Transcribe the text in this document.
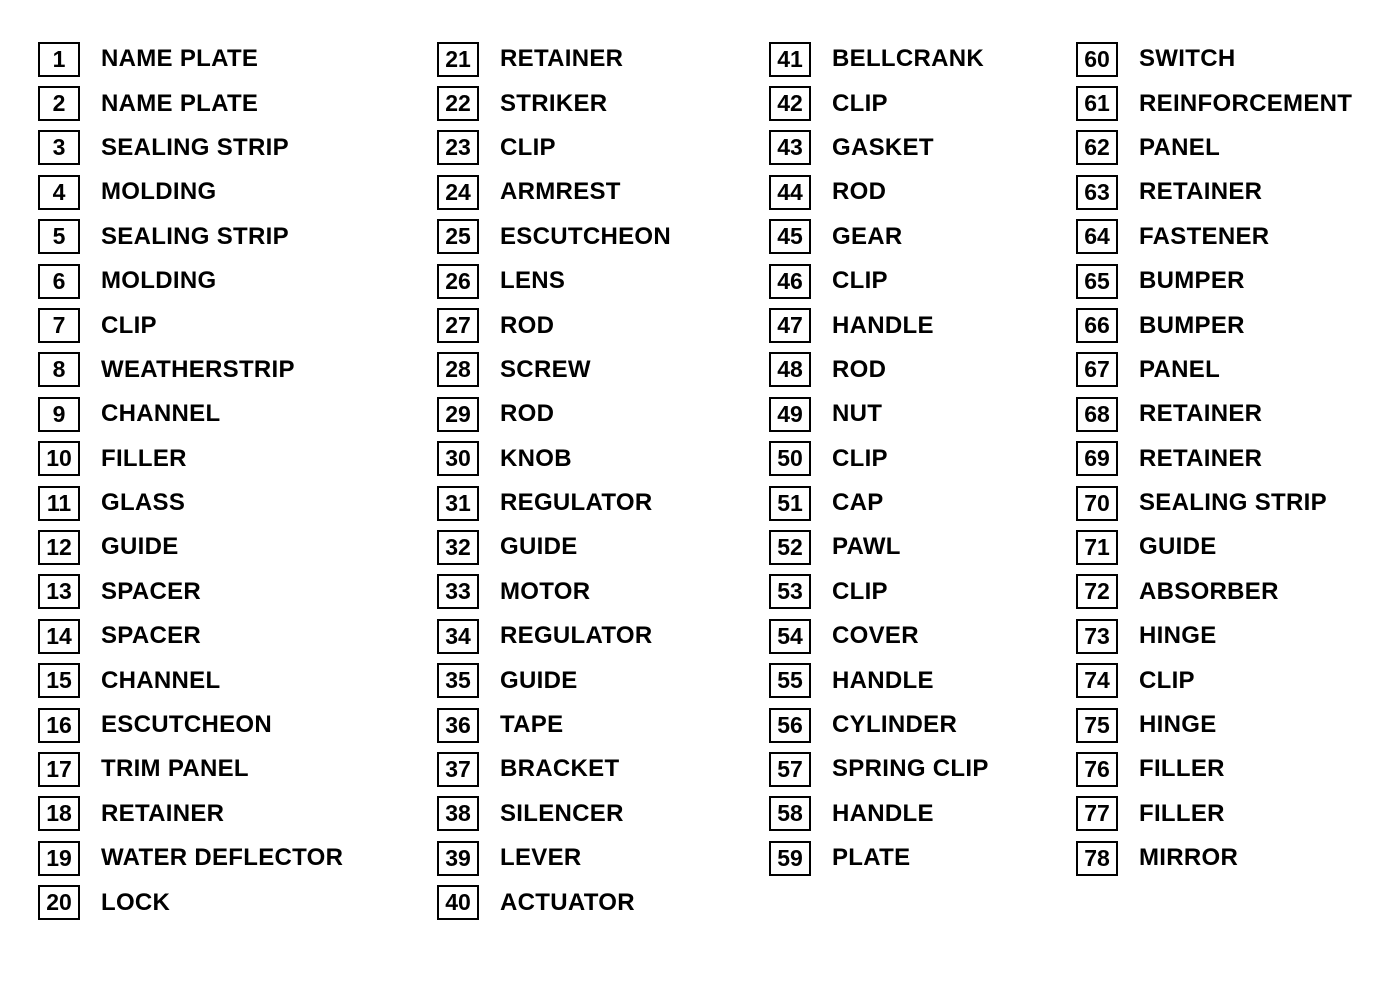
1	NAME PLATE
2	NAME PLATE
3	SEALING STRIP
4	MOLDING
5	SEALING STRIP
6	MOLDING
7	CLIP
8	WEATHERSTRIP
9	CHANNEL
10	FILLER
11	GLASS
12	GUIDE
13	SPACER
14	SPACER
15	CHANNEL
16	ESCUTCHEON
17	TRIM PANEL
18	RETAINER
19	WATER DEFLECTOR
20	LOCK
21	RETAINER
22	STRIKER
23	CLIP
24	ARMREST
25	ESCUTCHEON
26	LENS
27	ROD
28	SCREW
29	ROD
30	KNOB
31	REGULATOR
32	GUIDE
33	MOTOR
34	REGULATOR
35	GUIDE
36	TAPE
37	BRACKET
38	SILENCER
39	LEVER
40	ACTUATOR
41	BELLCRANK
42	CLIP
43	GASKET
44	ROD
45	GEAR
46	CLIP
47	HANDLE
48	ROD
49	NUT
50	CLIP
51	CAP
52	PAWL
53	CLIP
54	COVER
55	HANDLE
56	CYLINDER
57	SPRING CLIP
58	HANDLE
59	PLATE
60	SWITCH
61	REINFORCEMENT
62	PANEL
63	RETAINER
64	FASTENER
65	BUMPER
66	BUMPER
67	PANEL
68	RETAINER
69	RETAINER
70	SEALING STRIP
71	GUIDE
72	ABSORBER
73	HINGE
74	CLIP
75	HINGE
76	FILLER
77	FILLER
78	MIRROR
